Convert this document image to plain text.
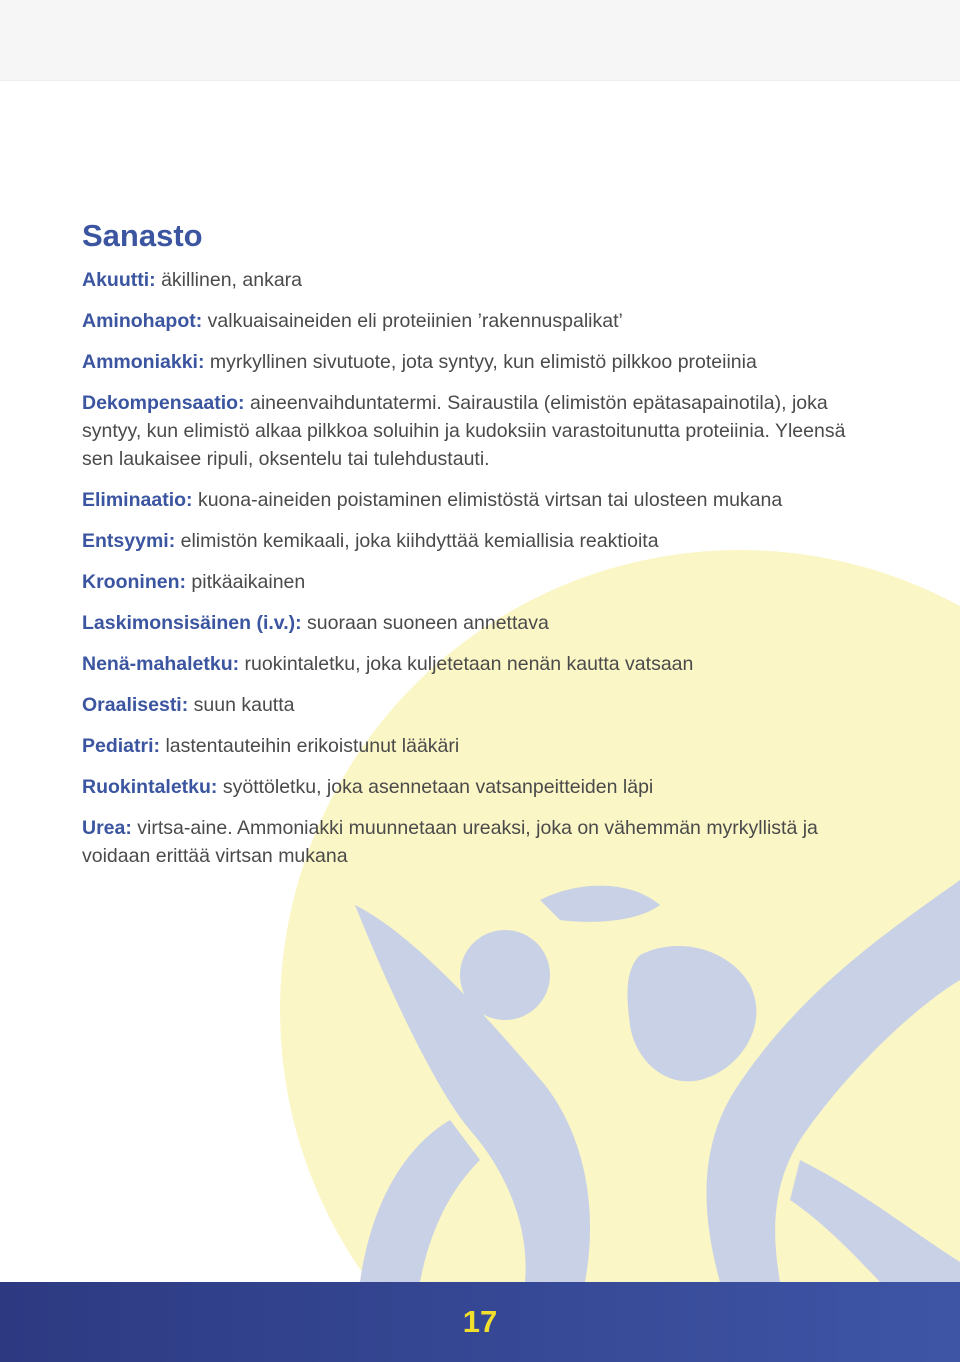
Sanasto
Akuutti: äkillinen, ankara
Aminohapot: valkuaisaineiden eli proteiinien ’rakennuspalikat’
Ammoniakki: myrkyllinen sivutuote, jota syntyy, kun elimistö pilkkoo proteiinia
Dekompensaatio: aineenvaihduntatermi. Sairaustila (elimistön epätasapainotila), joka syntyy, kun elimistö alkaa pilkkoa soluihin ja kudoksiin varastoitunutta proteiinia. Yleensä sen laukaisee ripuli, oksentelu tai tulehdustauti.
Eliminaatio: kuona-aineiden poistaminen elimistöstä virtsan tai ulosteen mukana
Entsyymi: elimistön kemikaali, joka kiihdyttää kemiallisia reaktioita
Krooninen: pitkäaikainen
Laskimonsisäinen (i.v.): suoraan suoneen annettava
Nenä-mahaletku: ruokintaletku, joka kuljetetaan nenän kautta vatsaan
Oraalisesti: suun kautta
Pediatri: lastentauteihin erikoistunut lääkäri
Ruokintaletku: syöttöletku, joka asennetaan vatsanpeitteiden läpi
Urea: virtsa-aine. Ammoniakki muunnetaan ureaksi, joka on vähemmän myrkyllistä ja voidaan erittää virtsan mukana
17
